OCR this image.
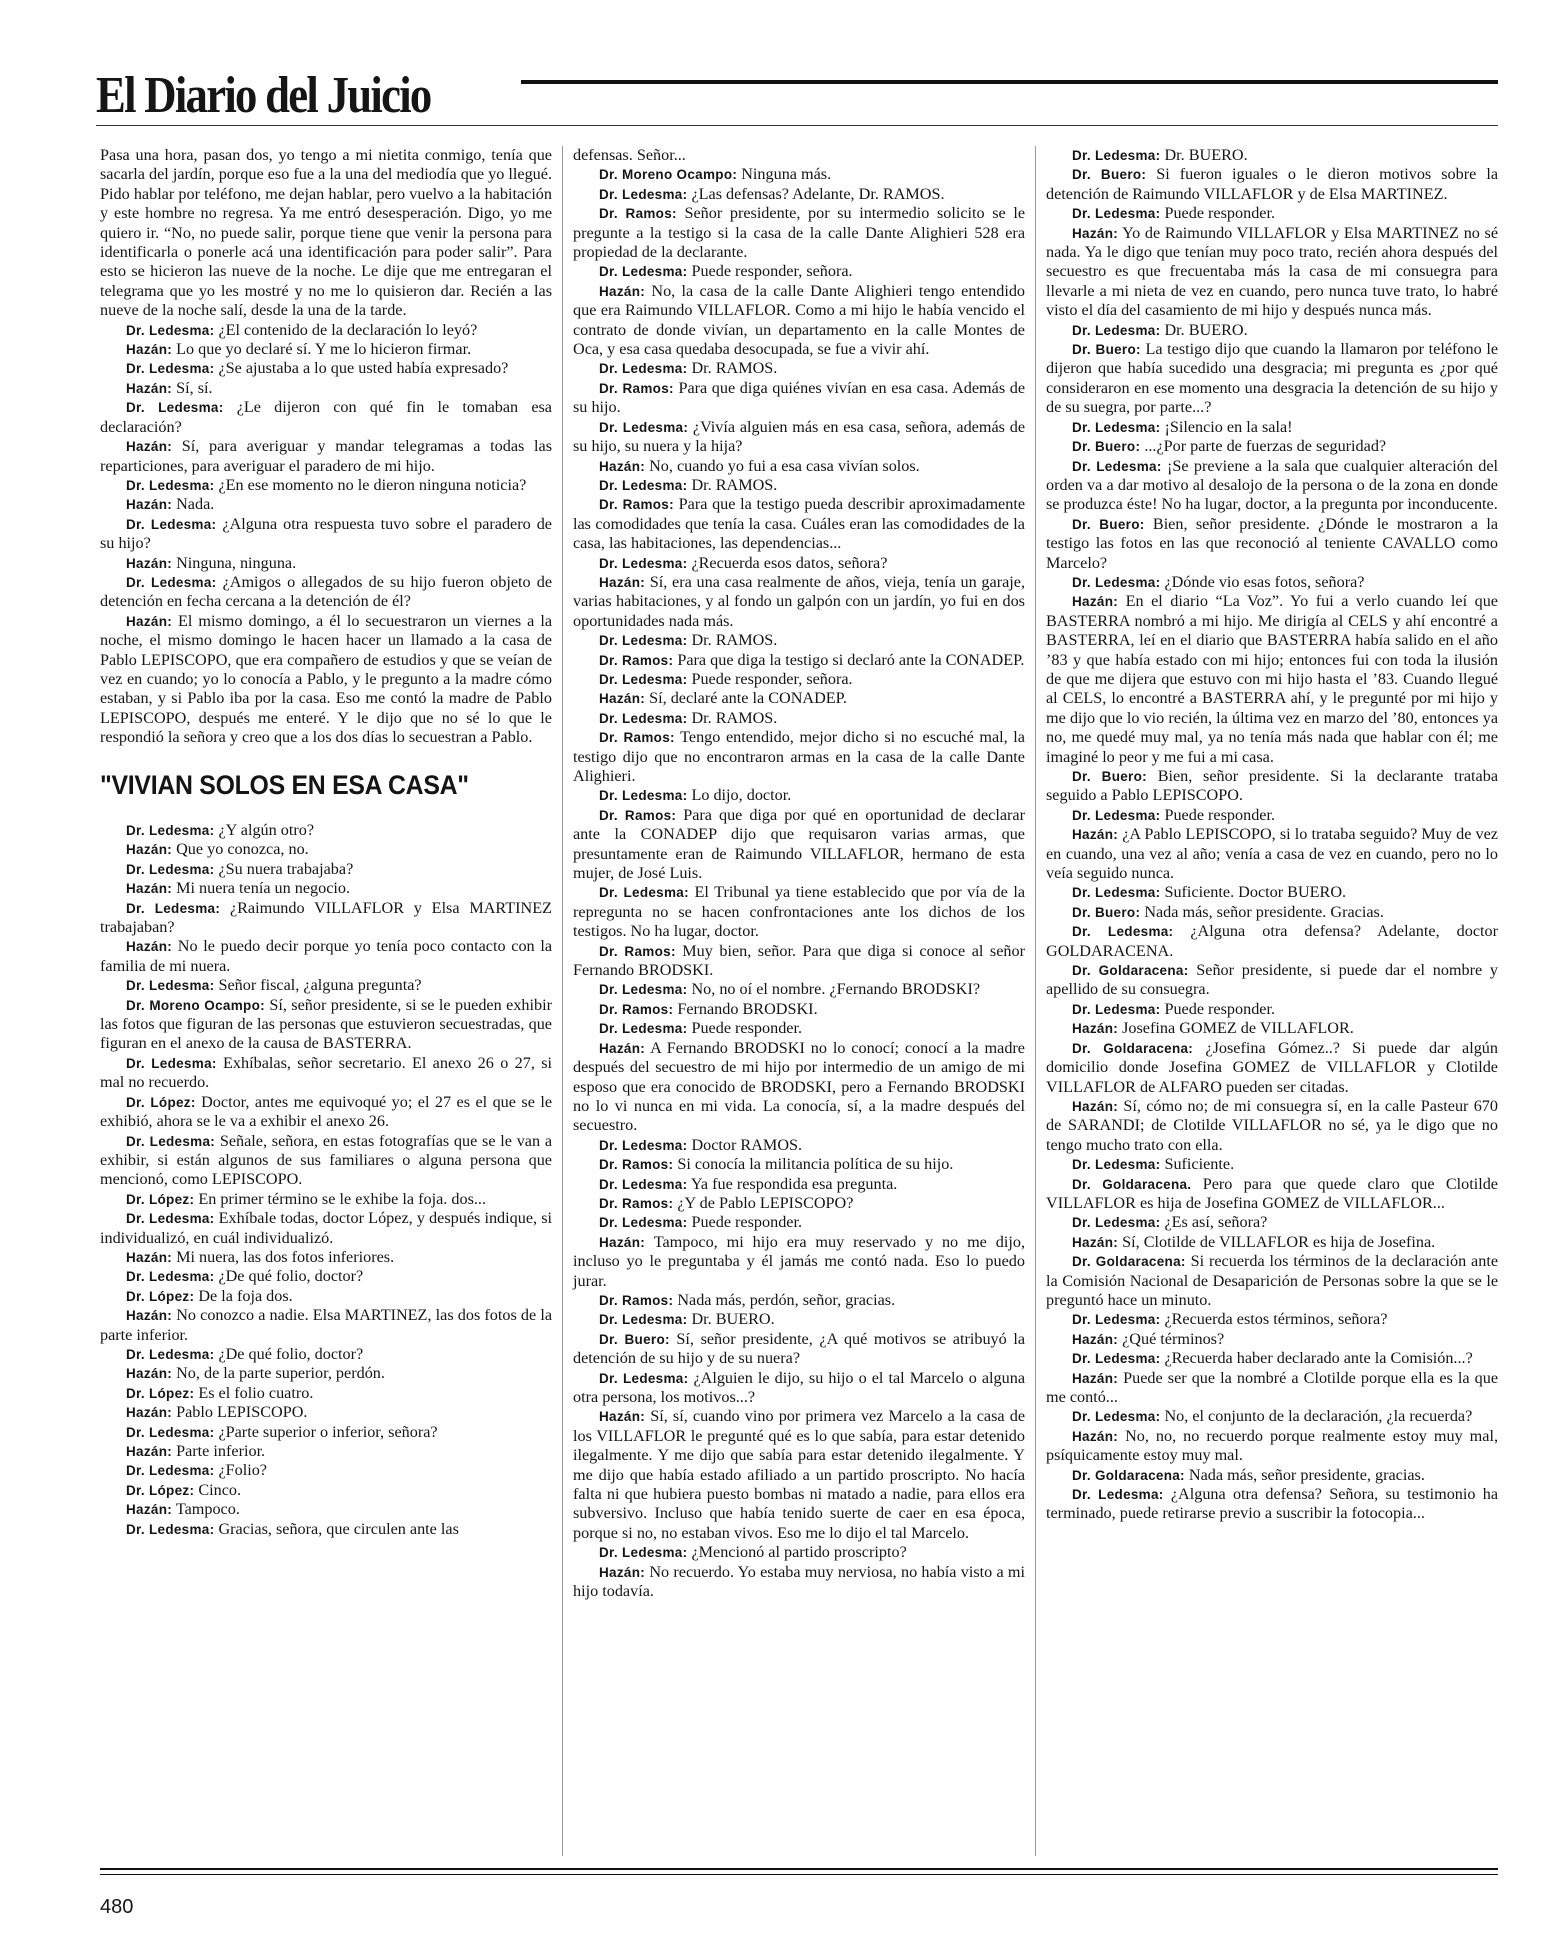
El Diario del Juicio

Pasa una hora, pasan dos, yo tengo a mi nietita conmigo, tenía que sacarla del jardín, porque eso fue a la una del mediodía que yo llegué. Pido hablar por teléfono, me dejan hablar, pero vuelvo a la habitación y este hombre no regresa. Ya me entró desesperación. Digo, yo me quiero ir. “No, no puede salir, porque tiene que venir la persona para identificarla o ponerle acá una identificación para poder salir”. Para esto se hicieron las nueve de la noche. Le dije que me entregaran el telegrama que yo les mostré y no me lo quisieron dar. Recién a las nueve de la noche salí, desde la una de la tarde.

Dr. Ledesma: ¿El contenido de la declaración lo leyó?

Hazán: Lo que yo declaré sí. Y me lo hicieron firmar.

Dr. Ledesma: ¿Se ajustaba a lo que usted había expresado?

Hazán: Sí, sí.

Dr. Ledesma: ¿Le dijeron con qué fin le tomaban esa declaración?

Hazán: Sí, para averiguar y mandar telegramas a todas las reparticiones, para averiguar el paradero de mi hijo.

Dr. Ledesma: ¿En ese momento no le dieron ninguna noticia?

Hazán: Nada.

Dr. Ledesma: ¿Alguna otra respuesta tuvo sobre el paradero de su hijo?

Hazán: Ninguna, ninguna.

Dr. Ledesma: ¿Amigos o allegados de su hijo fueron objeto de detención en fecha cercana a la detención de él?

Hazán: El mismo domingo, a él lo secuestraron un viernes a la noche, el mismo domingo le hacen hacer un llamado a la casa de Pablo LEPISCOPO, que era compañero de estudios y que se veían de vez en cuando; yo lo conocía a Pablo, y le pregunto a la madre cómo estaban, y si Pablo iba por la casa. Eso me contó la madre de Pablo LEPISCOPO, después me enteré. Y le dijo que no sé lo que le respondió la señora y creo que a los dos días lo secuestran a Pablo.

"VIVIAN SOLOS EN ESA CASA"

Dr. Ledesma: ¿Y algún otro?

Hazán: Que yo conozca, no.

Dr. Ledesma: ¿Su nuera trabajaba?

Hazán: Mi nuera tenía un negocio.

Dr. Ledesma: ¿Raimundo VILLAFLOR y Elsa MARTINEZ trabajaban?

Hazán: No le puedo decir porque yo tenía poco contacto con la familia de mi nuera.

Dr. Ledesma: Señor fiscal, ¿alguna pregunta?

Dr. Moreno Ocampo: Sí, señor presidente, si se le pueden exhibir las fotos que figuran de las personas que estuvieron secuestradas, que figuran en el anexo de la causa de BASTERRA.

Dr. Ledesma: Exhíbalas, señor secretario. El anexo 26 o 27, si mal no recuerdo.

Dr. López: Doctor, antes me equivoqué yo; el 27 es el que se le exhibió, ahora se le va a exhibir el anexo 26.

Dr. Ledesma: Señale, señora, en estas fotografías que se le van a exhibir, si están algunos de sus familiares o alguna persona que mencionó, como LEPISCOPO.

Dr. López: En primer término se le exhibe la foja. dos...

Dr. Ledesma: Exhíbale todas, doctor López, y después indique, si individualizó, en cuál individualizó.

Hazán: Mi nuera, las dos fotos inferiores.

Dr. Ledesma: ¿De qué folio, doctor?

Dr. López: De la foja dos.

Hazán: No conozco a nadie. Elsa MARTINEZ, las dos fotos de la parte inferior.

Dr. Ledesma: ¿De qué folio, doctor?

Hazán: No, de la parte superior, perdón.

Dr. López: Es el folio cuatro.

Hazán: Pablo LEPISCOPO.

Dr. Ledesma: ¿Parte superior o inferior, señora?

Hazán: Parte inferior.

Dr. Ledesma: ¿Folio?

Dr. López: Cinco.

Hazán: Tampoco.

Dr. Ledesma: Gracias, señora, que circulen ante las

defensas. Señor...

Dr. Moreno Ocampo: Ninguna más.

Dr. Ledesma: ¿Las defensas? Adelante, Dr. RAMOS.

Dr. Ramos: Señor presidente, por su intermedio solicito se le pregunte a la testigo si la casa de la calle Dante Alighieri 528 era propiedad de la declarante.

Dr. Ledesma: Puede responder, señora.

Hazán: No, la casa de la calle Dante Alighieri tengo entendido que era Raimundo VILLAFLOR. Como a mi hijo le había vencido el contrato de donde vivían, un departamento en la calle Montes de Oca, y esa casa quedaba desocupada, se fue a vivir ahí.

Dr. Ledesma: Dr. RAMOS.

Dr. Ramos: Para que diga quiénes vivían en esa casa. Además de su hijo.

Dr. Ledesma: ¿Vivía alguien más en esa casa, señora, además de su hijo, su nuera y la hija?

Hazán: No, cuando yo fui a esa casa vivían solos.

Dr. Ledesma: Dr. RAMOS.

Dr. Ramos: Para que la testigo pueda describir aproximadamente las comodidades que tenía la casa. Cuáles eran las comodidades de la casa, las habitaciones, las dependencias...

Dr. Ledesma: ¿Recuerda esos datos, señora?

Hazán: Sí, era una casa realmente de años, vieja, tenía un garaje, varias habitaciones, y al fondo un galpón con un jardín, yo fui en dos oportunidades nada más.

Dr. Ledesma: Dr. RAMOS.

Dr. Ramos: Para que diga la testigo si declaró ante la CONADEP.

Dr. Ledesma: Puede responder, señora.

Hazán: Sí, declaré ante la CONADEP.

Dr. Ledesma: Dr. RAMOS.

Dr. Ramos: Tengo entendido, mejor dicho si no escuché mal, la testigo dijo que no encontraron armas en la casa de la calle Dante Alighieri.

Dr. Ledesma: Lo dijo, doctor.

Dr. Ramos: Para que diga por qué en oportunidad de declarar ante la CONADEP dijo que requisaron varias armas, que presuntamente eran de Raimundo VILLAFLOR, hermano de esta mujer, de José Luis.

Dr. Ledesma: El Tribunal ya tiene establecido que por vía de la repregunta no se hacen confrontaciones ante los dichos de los testigos. No ha lugar, doctor.

Dr. Ramos: Muy bien, señor. Para que diga si conoce al señor Fernando BRODSKI.

Dr. Ledesma: No, no oí el nombre. ¿Fernando BRODSKI?

Dr. Ramos: Fernando BRODSKI.

Dr. Ledesma: Puede responder.

Hazán: A Fernando BRODSKI no lo conocí; conocí a la madre después del secuestro de mi hijo por intermedio de un amigo de mi esposo que era conocido de BRODSKI, pero a Fernando BRODSKI no lo vi nunca en mi vida. La conocía, sí, a la madre después del secuestro.

Dr. Ledesma: Doctor RAMOS.

Dr. Ramos: Si conocía la militancia política de su hijo.

Dr. Ledesma: Ya fue respondida esa pregunta.

Dr. Ramos: ¿Y de Pablo LEPISCOPO?

Dr. Ledesma: Puede responder.

Hazán: Tampoco, mi hijo era muy reservado y no me dijo, incluso yo le preguntaba y él jamás me contó nada. Eso lo puedo jurar.

Dr. Ramos: Nada más, perdón, señor, gracias.

Dr. Ledesma: Dr. BUERO.

Dr. Buero: Sí, señor presidente, ¿A qué motivos se atribuyó la detención de su hijo y de su nuera?

Dr. Ledesma: ¿Alguien le dijo, su hijo o el tal Marcelo o alguna otra persona, los motivos...?

Hazán: Sí, sí, cuando vino por primera vez Marcelo a la casa de los VILLAFLOR le pregunté qué es lo que sabía, para estar detenido ilegalmente. Y me dijo que sabía para estar detenido ilegalmente. Y me dijo que había estado afiliado a un partido proscripto. No hacía falta ni que hubiera puesto bombas ni matado a nadie, para ellos era subversivo. Incluso que había tenido suerte de caer en esa época, porque si no, no estaban vivos. Eso me lo dijo el tal Marcelo.

Dr. Ledesma: ¿Mencionó al partido proscripto?

Hazán: No recuerdo. Yo estaba muy nerviosa, no había visto a mi hijo todavía.

Dr. Ledesma: Dr. BUERO.

Dr. Buero: Si fueron iguales o le dieron motivos sobre la detención de Raimundo VILLAFLOR y de Elsa MARTINEZ.

Dr. Ledesma: Puede responder.

Hazán: Yo de Raimundo VILLAFLOR y Elsa MARTINEZ no sé nada. Ya le digo que tenían muy poco trato, recién ahora después del secuestro es que frecuentaba más la casa de mi consuegra para llevarle a mi nieta de vez en cuando, pero nunca tuve trato, lo habré visto el día del casamiento de mi hijo y después nunca más.

Dr. Ledesma: Dr. BUERO.

Dr. Buero: La testigo dijo que cuando la llamaron por teléfono le dijeron que había sucedido una desgracia; mi pregunta es ¿por qué consideraron en ese momento una desgracia la detención de su hijo y de su suegra, por parte...?

Dr. Ledesma: ¡Silencio en la sala!

Dr. Buero: ...¿Por parte de fuerzas de seguridad?

Dr. Ledesma: ¡Se previene a la sala que cualquier alteración del orden va a dar motivo al desalojo de la persona o de la zona en donde se produzca éste! No ha lugar, doctor, a la pregunta por inconducente.

Dr. Buero: Bien, señor presidente. ¿Dónde le mostraron a la testigo las fotos en las que reconoció al teniente CAVALLO como Marcelo?

Dr. Ledesma: ¿Dónde vio esas fotos, señora?

Hazán: En el diario “La Voz”. Yo fui a verlo cuando leí que BASTERRA nombró a mi hijo. Me dirigía al CELS y ahí encontré a BASTERRA, leí en el diario que BASTERRA había salido en el año ’83 y que había estado con mi hijo; entonces fui con toda la ilusión de que me dijera que estuvo con mi hijo hasta el ’83. Cuando llegué al CELS, lo encontré a BASTERRA ahí, y le pregunté por mi hijo y me dijo que lo vio recién, la última vez en marzo del ’80, entonces ya no, me quedé muy mal, ya no tenía más nada que hablar con él; me imaginé lo peor y me fui a mi casa.

Dr. Buero: Bien, señor presidente. Si la declarante trataba seguido a Pablo LEPISCOPO.

Dr. Ledesma: Puede responder.

Hazán: ¿A Pablo LEPISCOPO, si lo trataba seguido? Muy de vez en cuando, una vez al año; venía a casa de vez en cuando, pero no lo veía seguido nunca.

Dr. Ledesma: Suficiente. Doctor BUERO.

Dr. Buero: Nada más, señor presidente. Gracias.

Dr. Ledesma: ¿Alguna otra defensa? Adelante, doctor GOLDARACENA.

Dr. Goldaracena: Señor presidente, si puede dar el nombre y apellido de su consuegra.

Dr. Ledesma: Puede responder.

Hazán: Josefina GOMEZ de VILLAFLOR.

Dr. Goldaracena: ¿Josefina Gómez..? Si puede dar algún domicilio donde Josefina GOMEZ de VILLAFLOR y Clotilde VILLAFLOR de ALFARO pueden ser citadas.

Hazán: Sí, cómo no; de mi consuegra sí, en la calle Pasteur 670 de SARANDI; de Clotilde VILLAFLOR no sé, ya le digo que no tengo mucho trato con ella.

Dr. Ledesma: Suficiente.

Dr. Goldaracena. Pero para que quede claro que Clotilde VILLAFLOR es hija de Josefina GOMEZ de VILLAFLOR...

Dr. Ledesma: ¿Es así, señora?

Hazán: Sí, Clotilde de VILLAFLOR es hija de Josefina.

Dr. Goldaracena: Si recuerda los términos de la declaración ante la Comisión Nacional de Desaparición de Personas sobre la que se le preguntó hace un minuto.

Dr. Ledesma: ¿Recuerda estos términos, señora?

Hazán: ¿Qué términos?

Dr. Ledesma: ¿Recuerda haber declarado ante la Comisión...?

Hazán: Puede ser que la nombré a Clotilde porque ella es la que me contó...

Dr. Ledesma: No, el conjunto de la declaración, ¿la recuerda?

Hazán: No, no, no recuerdo porque realmente estoy muy mal, psíquicamente estoy muy mal.

Dr. Goldaracena: Nada más, señor presidente, gracias.

Dr. Ledesma: ¿Alguna otra defensa? Señora, su testimonio ha terminado, puede retirarse previo a suscribir la fotocopia...

480
